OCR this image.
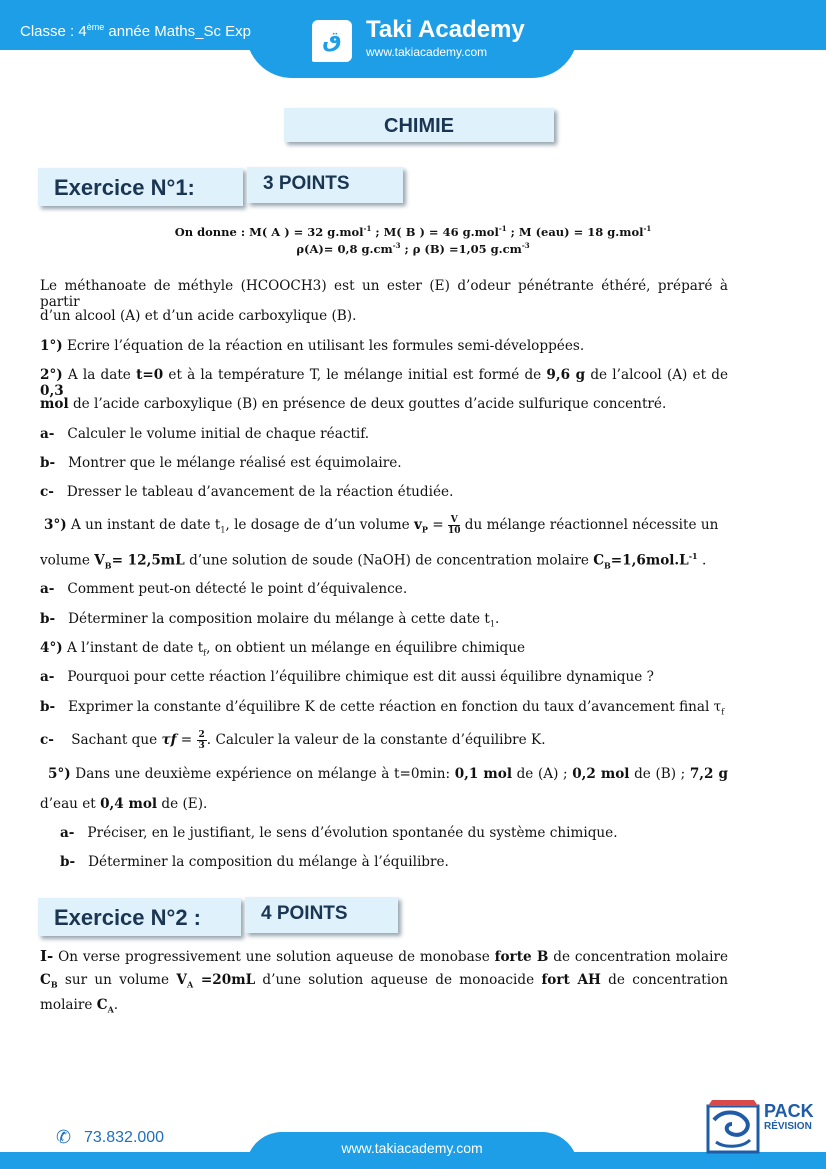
Classe : 4ème année Maths_Sc Exp	ق	Taki Academy
www.takiacademy.com
CHIMIE
Exercice N°1:	3 POINTS
On donne : M( A ) = 32 g.mol$^{-1}$ ; M( B ) = 46 g.mol$^{-1}$ ; M (eau) = 18 g.mol$^{-1}$
ρ(A)= 0,8 $g.cm^{-3}$ ; ρ (B) =1,05 $g.cm^{-3}$
Le méthanoate de méthyle (HCOOCH3) est un ester (E) d’odeur pénétrante éthéré, préparé à partir
d’un alcool (A) et d’un acide carboxylique (B).
1°) Ecrire l’équation de la réaction en utilisant les formules semi-développées.
2°) A la date t=0 et à la température T, le mélange initial est formé de 9,6 g de l’alcool (A) et de 0,3
mol de l’acide carboxylique (B) en présence de deux gouttes d’acide sulfurique concentré.
a- Calculer le volume initial de chaque réactif.
b- Montrer que le mélange réalisé est équimolaire.
c- Dresser le tableau d’avancement de la réaction étudiée.
3°) A un instant de date $t_1$, le dosage de d’un volume $v_P = \frac{V}{10}$ du mélange réactionnel nécessite un
volume $V_B= 12,5mL$ d’une solution de soude (NaOH) de concentration molaire $C_B=1,6mol.L^{-1}$ .
a- Comment peut-on détecté le point d’équivalence.
b- Déterminer la composition molaire du mélange à cette date $t_1$.
4°) A l’instant de date $t_f$, on obtient un mélange en équilibre chimique
a- Pourquoi pour cette réaction l’équilibre chimique est dit aussi équilibre dynamique ?
b- Exprimer la constante d’équilibre K de cette réaction en fonction du taux d’avancement final $\tau_f$
c- Sachant que $\tau f = \frac{2}{3}$ . Calculer la valeur de la constante d’équilibre K.
5°) Dans une deuxième expérience on mélange à t=0min: 0,1 mol de (A) ; 0,2 mol de (B) ; 7,2 g
d’eau et 0,4 mol de (E).
a- Préciser, en le justifiant, le sens d’évolution spontanée du système chimique.
b- Déterminer la composition du mélange à l’équilibre.
Exercice N°2 :	4 POINTS
I- On verse progressivement une solution aqueuse de monobase forte B de concentration molaire
$C_B$ sur un volume $V_A =20mL$ d’une solution aqueuse de monoacide fort AH de concentration
molaire $C_A$.
✆ 73.832.000
www.takiacademy.com
PACK
RÉVISION
